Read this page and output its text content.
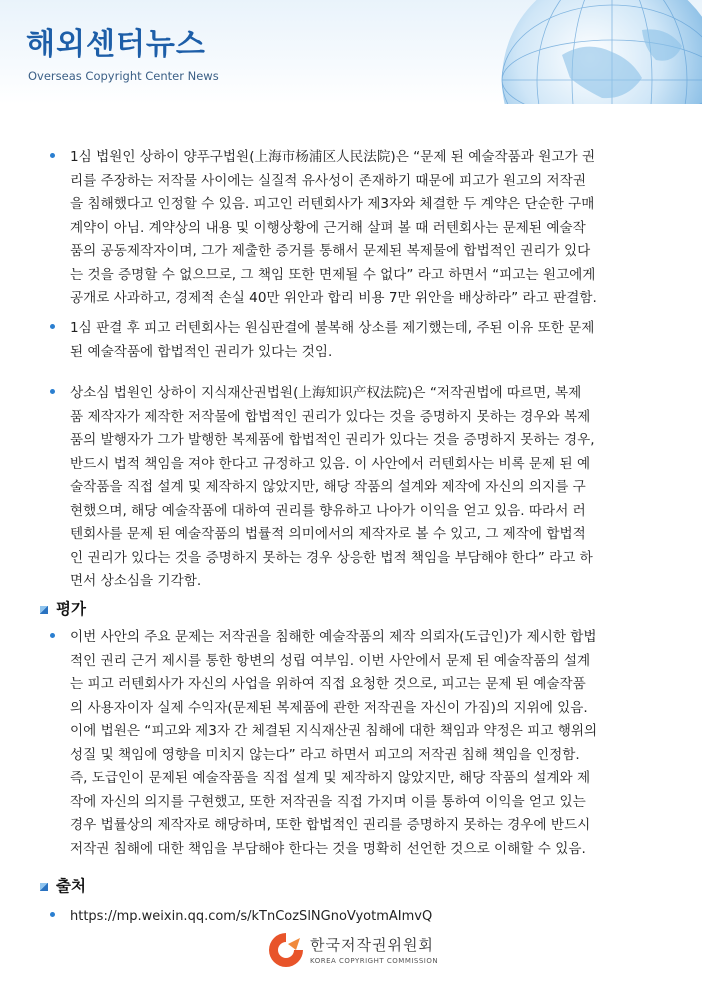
해외센터뉴스
Overseas Copyright Center News
1심 법원인 상하이 양푸구법원(上海市杨浦区人民法院)은 “문제 된 예술작품과 원고가 권
리를 주장하는 저작물 사이에는 실질적 유사성이 존재하기 때문에 피고가 원고의 저작권
을 침해했다고 인정할 수 있음. 피고인 러텐회사가 제3자와 체결한 두 계약은 단순한 구매
계약이 아님. 계약상의 내용 및 이행상황에 근거해 살펴 볼 때 러텐회사는 문제된 예술작
품의 공동제작자이며, 그가 제출한 증거를 통해서 문제된 복제물에 합법적인 권리가 있다
는 것을 증명할 수 없으므로, 그 책임 또한 면제될 수 없다” 라고 하면서 “피고는 원고에게
공개로 사과하고, 경제적 손실 40만 위안과 합리 비용 7만 위안을 배상하라” 라고 판결함.
1심 판결 후 피고 러텐회사는 원심판결에 불복해 상소를 제기했는데, 주된 이유 또한 문제
된 예술작품에 합법적인 권리가 있다는 것임.
상소심 법원인 상하이 지식재산권법원(上海知识产权法院)은 “저작권법에 따르면, 복제
품 제작자가 제작한 저작물에 합법적인 권리가 있다는 것을 증명하지 못하는 경우와 복제
품의 발행자가 그가 발행한 복제품에 합법적인 권리가 있다는 것을 증명하지 못하는 경우,
반드시 법적 책임을 져야 한다고 규정하고 있음. 이 사안에서 러텐회사는 비록 문제 된 예
술작품을 직접 설계 및 제작하지 않았지만, 해당 작품의 설계와 제작에 자신의 의지를 구
현했으며, 해당 예술작품에 대하여 권리를 향유하고 나아가 이익을 얻고 있음. 따라서 러
텐회사를 문제 된 예술작품의 법률적 의미에서의 제작자로 볼 수 있고, 그 제작에 합법적
인 권리가 있다는 것을 증명하지 못하는 경우 상응한 법적 책임을 부담해야 한다” 라고 하
면서 상소심을 기각함.
평가
이번 사안의 주요 문제는 저작권을 침해한 예술작품의 제작 의뢰자(도급인)가 제시한 합법
적인 권리 근거 제시를 통한 항변의 성립 여부임. 이번 사안에서 문제 된 예술작품의 설계
는 피고 러텐회사가 자신의 사업을 위하여 직접 요청한 것으로, 피고는 문제 된 예술작품
의 사용자이자 실제 수익자(문제된 복제품에 관한 저작권을 자신이 가짐)의 지위에 있음.
이에 법원은 “피고와 제3자 간 체결된 지식재산권 침해에 대한 책임과 약정은 피고 행위의
성질 및 책임에 영향을 미치지 않는다” 라고 하면서 피고의 저작권 침해 책임을 인정함.
즉, 도급인이 문제된 예술작품을 직접 설계 및 제작하지 않았지만, 해당 작품의 설계와 제
작에 자신의 의지를 구현했고, 또한 저작권을 직접 가지며 이를 통하여 이익을 얻고 있는
경우 법률상의 제작자로 해당하며, 또한 합법적인 권리를 증명하지 못하는 경우에 반드시
저작권 침해에 대한 책임을 부담해야 한다는 것을 명확히 선언한 것으로 이해할 수 있음.
출처
https://mp.weixin.qq.com/s/kTnCozSlNGnoVyotmAImvQ
한국저작권위원회
KOREA COPYRIGHT COMMISSION
